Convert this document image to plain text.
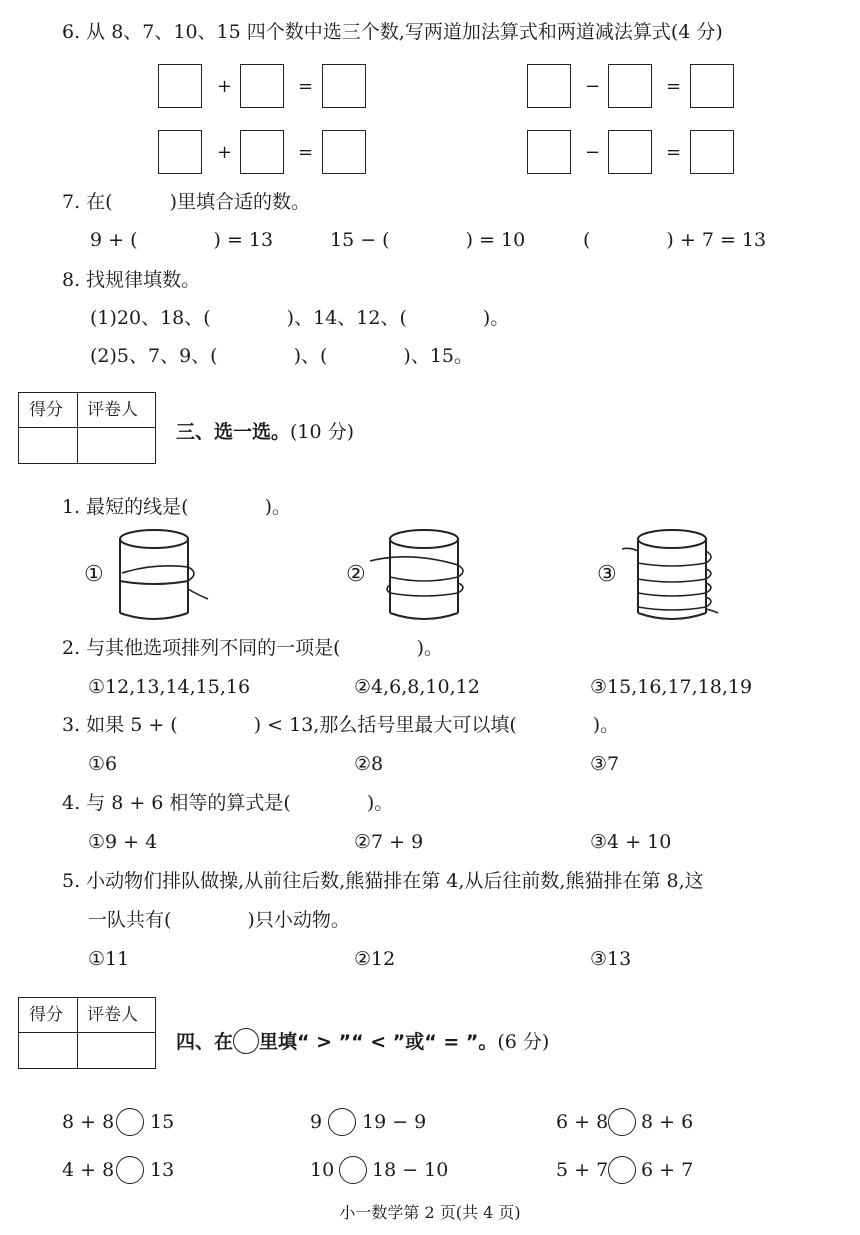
6. 从 8、7、10、15 四个数中选三个数,写两道加法算式和两道减法算式(4 分)
+	=
+	=
−	=
−	=
7. 在(　　　)里填合适的数。
9 + (　　　　) = 13	15 − (　　　　) = 10	(　　　　) + 7 = 13
8. 找规律填数。
(1)20、18、(　　　　)、14、12、(　　　　)。
(2)5、7、9、(　　　　)、(　　　　)、15。
得分 评卷人
三、选一选。(10 分)
1. 最短的线是(　　　　)。
①	②	③
2. 与其他选项排列不同的一项是(　　　　)。
①12,13,14,15,16	②4,6,8,10,12	③15,16,17,18,19
3. 如果 5 + (　　　　) < 13,那么括号里最大可以填(　　　　)。
①6	②8	③7
4. 与 8 + 6 相等的算式是(　　　　)。
①9 + 4	②7 + 9	③4 + 10
5. 小动物们排队做操,从前往后数,熊猫排在第 4,从后往前数,熊猫排在第 8,这
一队共有(　　　　)只小动物。
①11	②12	③13
得分 评卷人
四、在 里填“ > ”“ < ”或“ = ”。(6 分)
8 + 8 15	9 19 − 9	6 + 8 8 + 6
4 + 8 13	10 18 − 10	5 + 7 6 + 7
小一数学第 2 页(共 4 页)
